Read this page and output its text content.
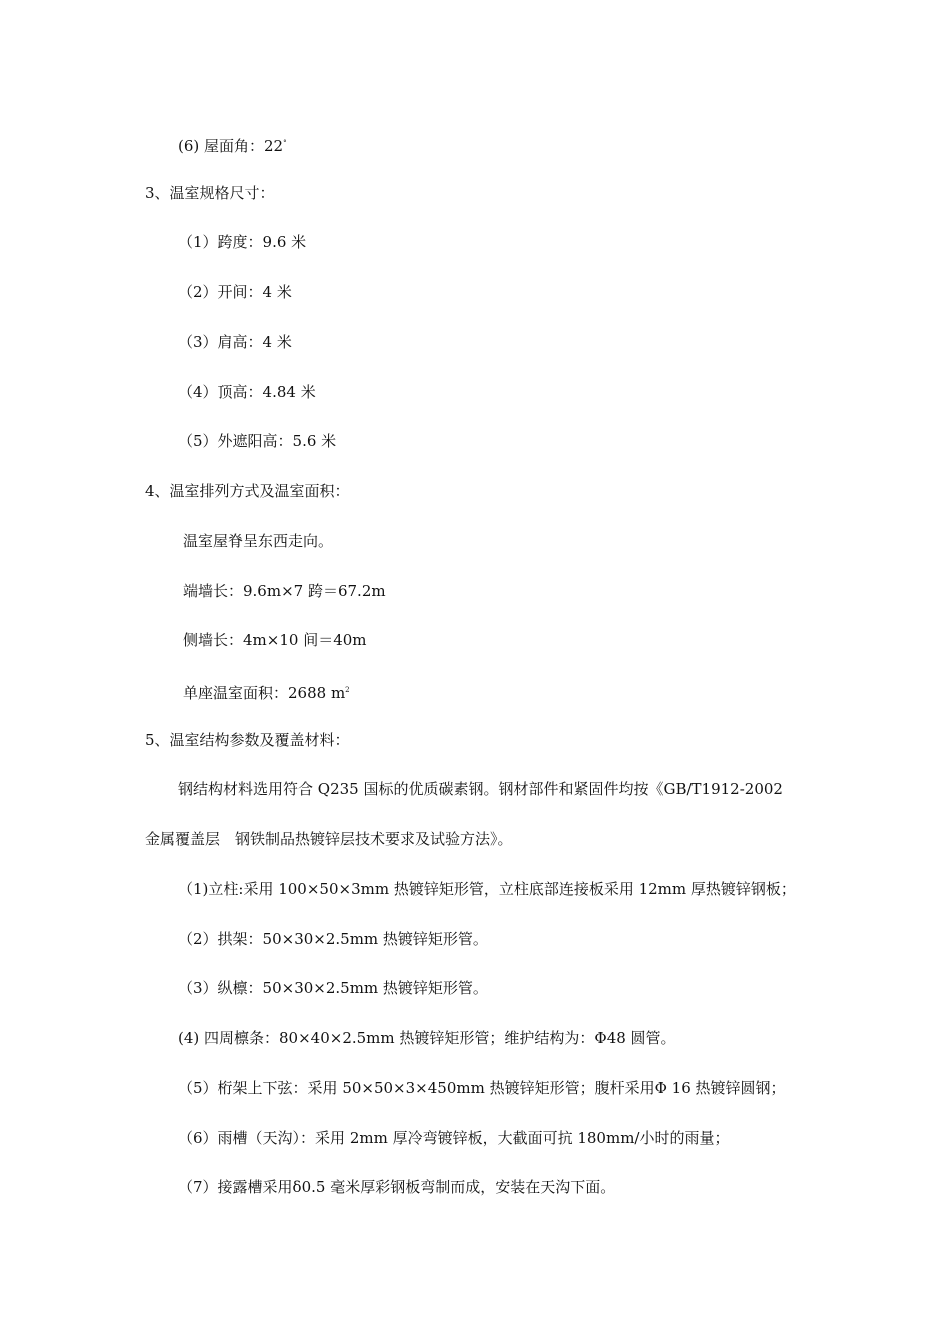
(6) 屋面角：22°

3、温室规格尺寸：

（1）跨度：9.6 米

（2）开间：4 米

（3）肩高：4 米

（4）顶高：4.84 米

（5）外遮阳高：5.6 米

4、温室排列方式及温室面积：

温室屋脊呈东西走向。

端墙长：9.6m×7 跨＝67.2m

侧墙长：4m×10 间＝40m

单座温室面积：2688 $m^2$

5、温室结构参数及覆盖材料：

钢结构材料选用符合 Q235 国标的优质碳素钢。钢材部件和紧固件均按《GB/T1912-2002

金属覆盖层　钢铁制品热镀锌层技术要求及试验方法》。

（1)立柱:采用 100×50×3mm 热镀锌矩形管，立柱底部连接板采用 12mm 厚热镀锌钢板；

（2）拱架：50×30×2.5mm 热镀锌矩形管。

（3）纵檩：50×30×2.5mm 热镀锌矩形管。

(4) 四周檩条：80×40×2.5mm 热镀锌矩形管；维护结构为：Φ48 圆管。

（5）桁架上下弦：采用 50×50×3×450mm 热镀锌矩形管；腹杆采用Φ 16 热镀锌圆钢；

（6）雨槽（天沟）：采用 2mm 厚冷弯镀锌板，大截面可抗 180mm/小时的雨量；

（7）接露槽采用δ0.5 毫米厚彩钢板弯制而成，安装在天沟下面。
